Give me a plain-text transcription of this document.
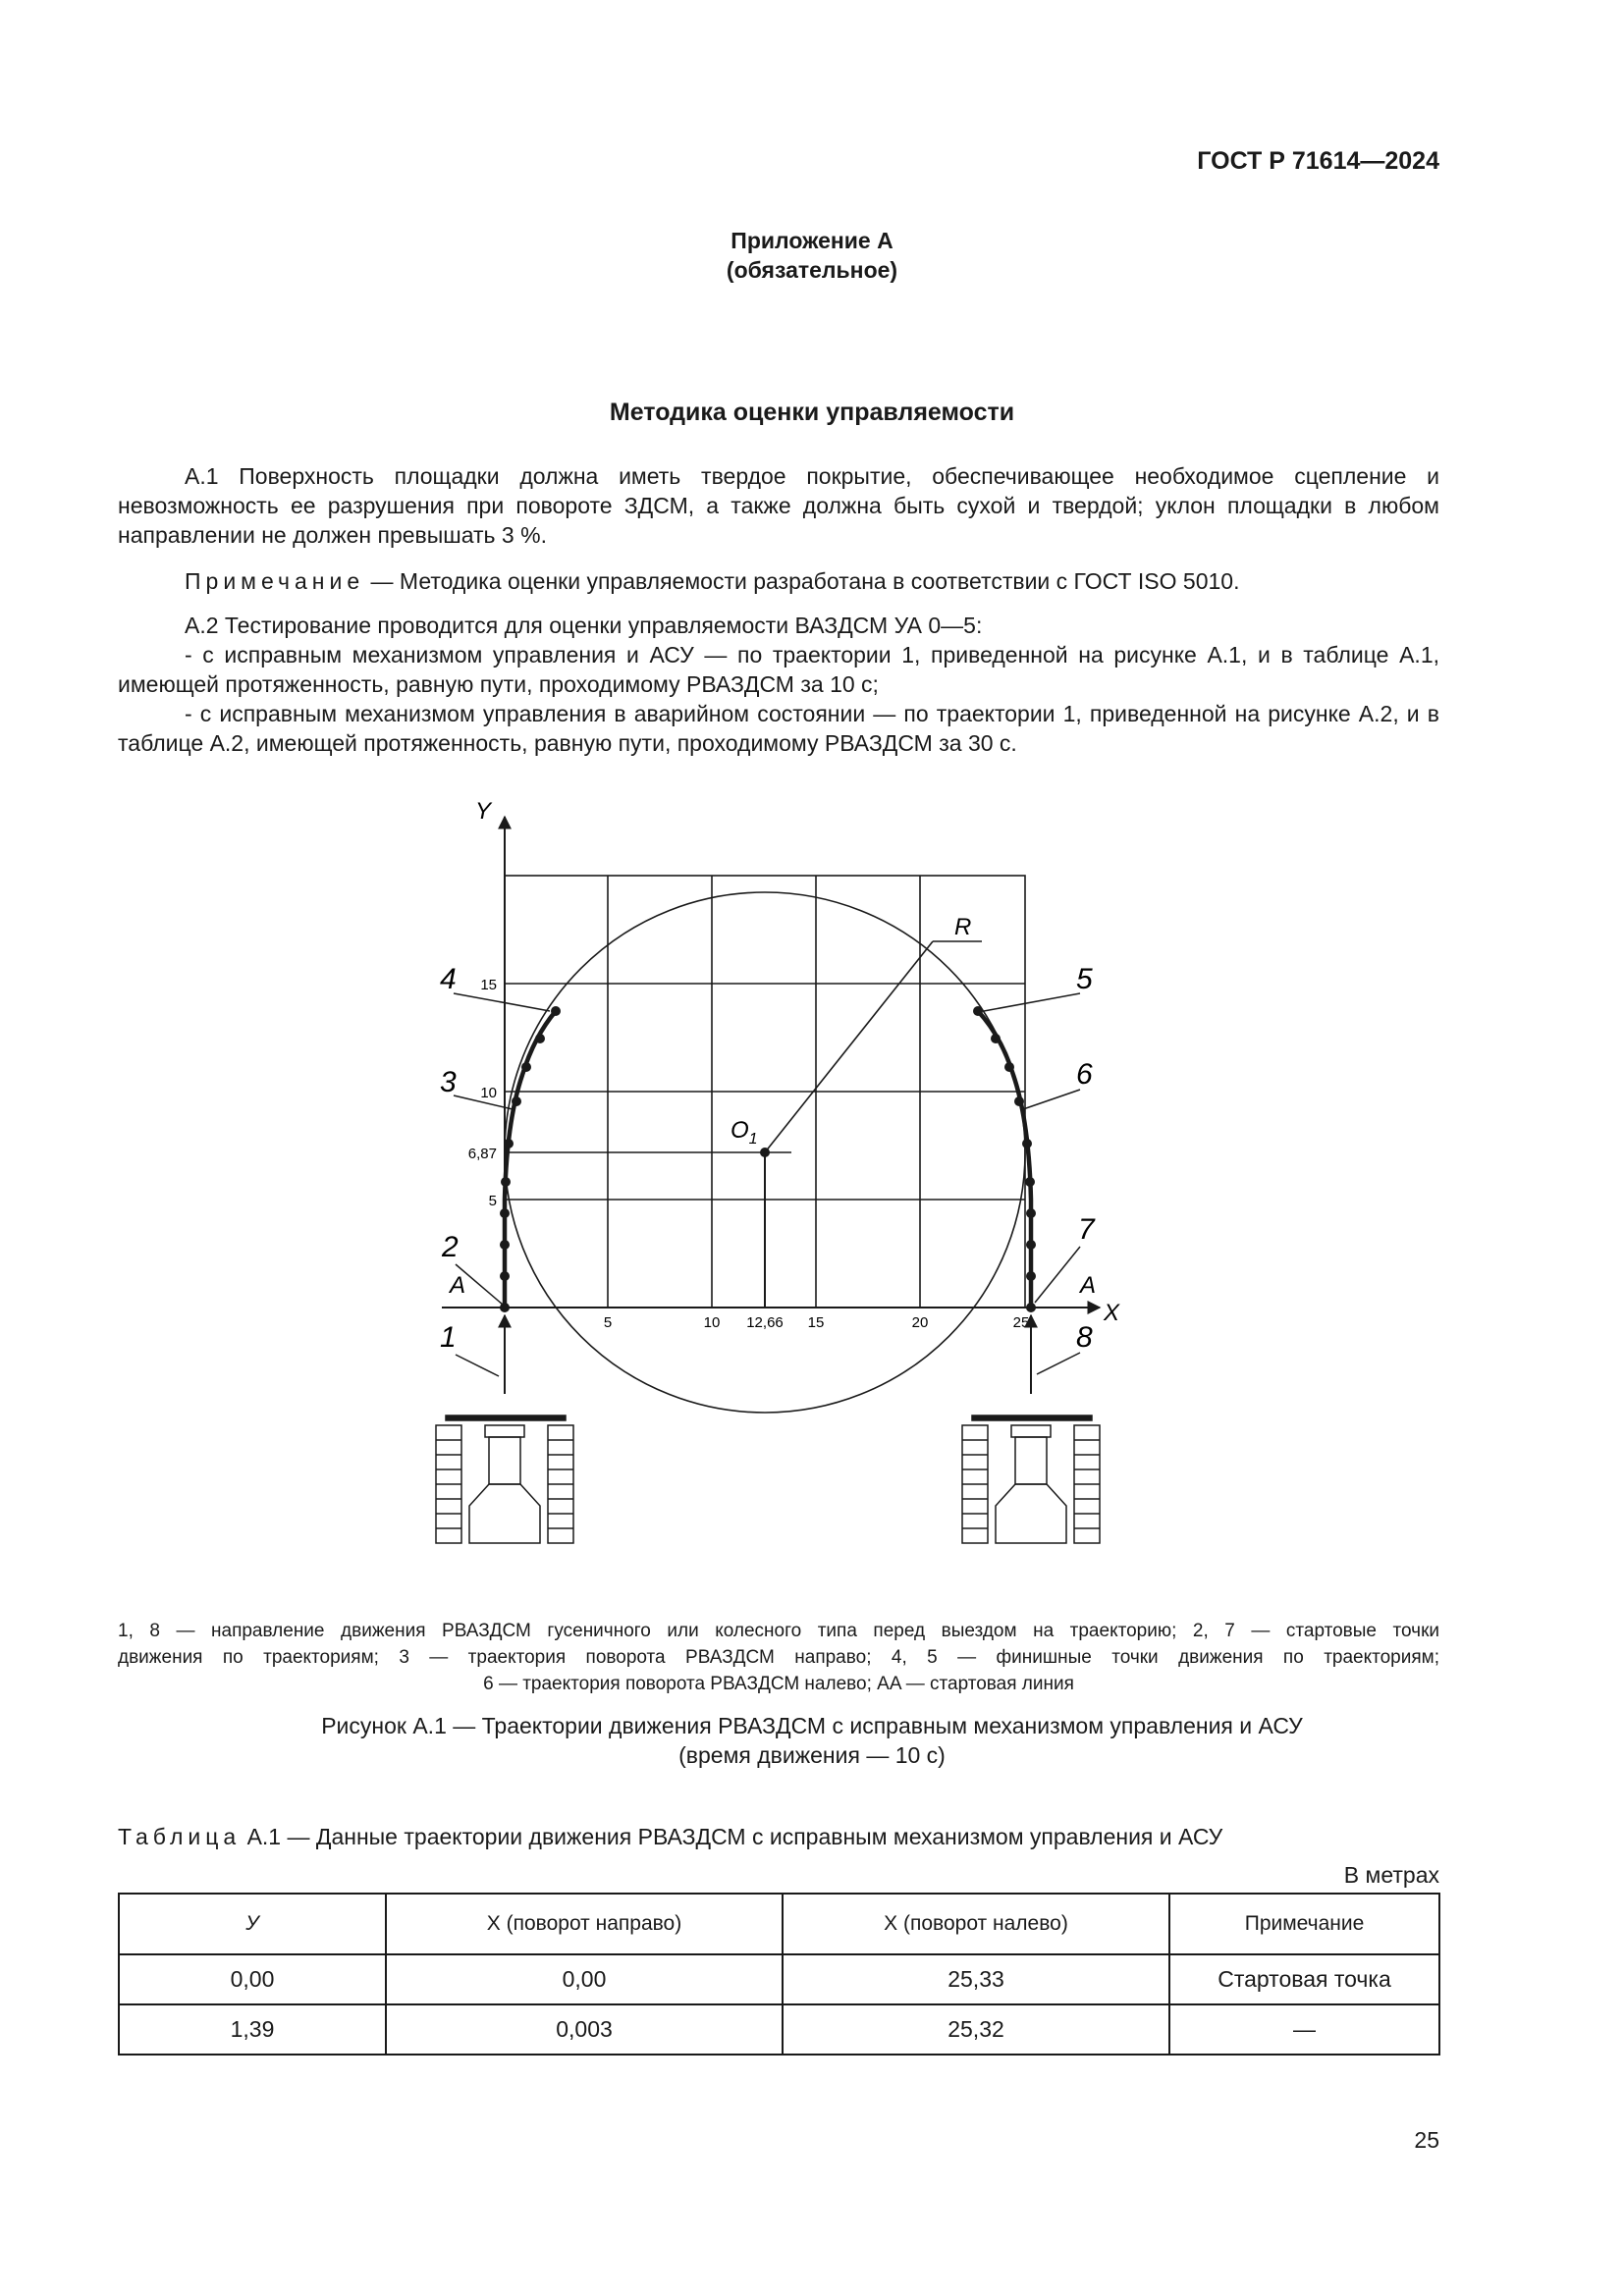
ГОСТ Р 71614—2024
Приложение А
(обязательное)
Методика оценки управляемости

А.1 Поверхность площадки должна иметь твердое покрытие, обеспечивающее необходимое сцепление и невозможность ее разрушения при повороте ЗДСМ, а также должна быть сухой и твердой; уклон площадки в любом направлении не должен превышать 3 %.

Примечание — Методика оценки управляемости разработана в соответствии с ГОСТ ISO 5010.

А.2 Тестирование проводится для оценки управляемости ВАЗДСМ УА 0—5:

- с исправным механизмом управления и АСУ — по траектории 1, приведенной на рисунке А.1, и в таблице А.1, имеющей протяженность, равную пути, проходимому РВАЗДСМ за 10 с;

- с исправным механизмом управления в аварийном состоянии — по траектории 1, приведенной на рисунке А.2, и в таблице А.2, имеющей протяженность, равную пути, проходимому РВАЗДСМ за 30 с.

Y
X
R
$O_1$
5	10 12,66 15	20	25
5
6,87
10
15
A	A
4
3
2
1
5
6
7
8
1, 8 — направление движения РВАЗДСМ гусеничного или колесного типа перед выездом на траекторию; 2, 7 — стартовые точки
движения по траекториям; 3 — траектория поворота РВАЗДСМ направо; 4, 5 — финишные точки движения по траекториям;
6 — траектория поворота РВАЗДСМ налево; AA — стартовая линия
Рисунок А.1 — Траектории движения РВАЗДСМ с исправным механизмом управления и АСУ
(время движения — 10 с)
Таблица А.1 — Данные траектории движения РВАЗДСМ с исправным механизмом управления и АСУ
В метрах
У	X (поворот направо)	X (поворот налево)	Примечание
0,00	0,00	25,33	Стартовая точка
1,39	0,003	25,32	—
25
